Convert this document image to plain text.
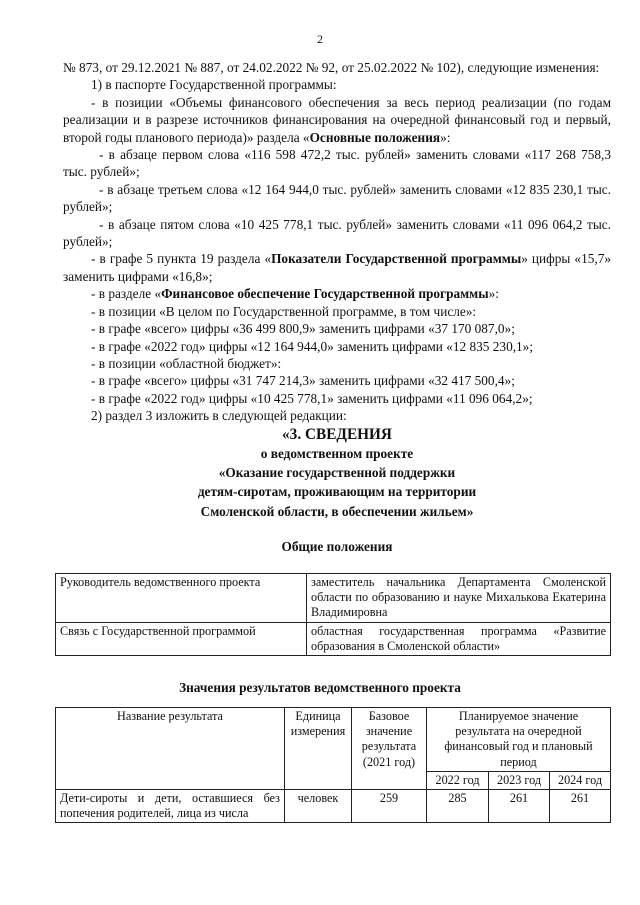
2
№ 873, от 29.12.2021 № 887, от 24.02.2022 № 92, от 25.02.2022 № 102), следующие изменения:
1) в паспорте Государственной программы:
- в позиции «Объемы финансового обеспечения за весь период реализации (по годам реализации и в разрезе источников финансирования на очередной финансовый год и первый, второй годы планового периода)» раздела «Основные положения»:
- в абзаце первом слова «116 598 472,2 тыс. рублей» заменить словами «117 268 758,3 тыс. рублей»;
- в абзаце третьем слова «12 164 944,0 тыс. рублей» заменить словами «12 835 230,1 тыс. рублей»;
- в абзаце пятом слова «10 425 778,1 тыс. рублей» заменить словами «11 096 064,2 тыс. рублей»;
- в графе 5 пункта 19 раздела «Показатели Государственной программы» цифры «15,7» заменить цифрами «16,8»;
- в разделе «Финансовое обеспечение Государственной программы»:
- в позиции «В целом по Государственной программе, в том числе»:
- в графе «всего» цифры «36 499 800,9» заменить цифрами «37 170 087,0»;
- в графе «2022 год» цифры «12 164 944,0» заменить цифрами «12 835 230,1»;
- в позиции «областной бюджет»:
- в графе «всего» цифры «31 747 214,3» заменить цифрами «32 417 500,4»;
- в графе «2022 год» цифры «10 425 778,1» заменить цифрами «11 096 064,2»;
2) раздел 3 изложить в следующей редакции:
«3. СВЕДЕНИЯ
о ведомственном проекте
«Оказание государственной поддержки
детям-сиротам, проживающим на территории
Смоленской области, в обеспечении жильем»
Общие положения
Руководитель ведомственного проекта	заместитель начальника Департамента Смоленской области по образованию и науке Михалькова Екатерина Владимировна
Связь с Государственной программой	областная государственная программа «Развитие образования в Смоленской области»
Значения результатов ведомственного проекта
Название результата	Единица измерения	Базовое значение результата (2021 год)	Планируемое значение результата на очередной финансовый год и плановый период		
			2022 год	2023 год	2024 год
Дети-сироты и дети, оставшиеся без попечения родителей, лица из числа	человек	259	285	261	261
